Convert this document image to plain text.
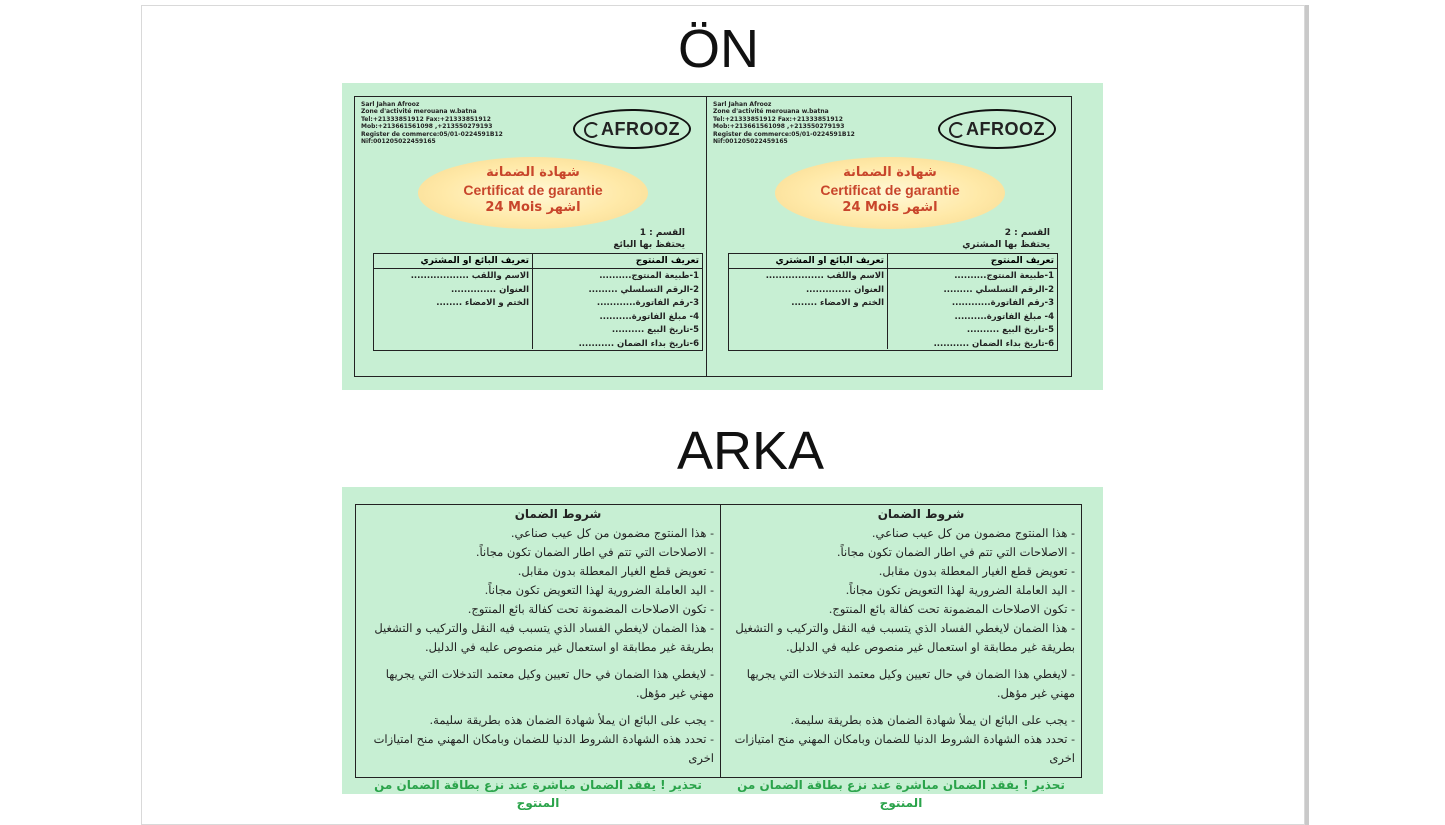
ÖN
Sarl Jahan Afrooz
Zone d'activité merouana w.batna
Tel:+21333851912 Fax:+21333851912
Mob:+213661561098 ,+213550279193
Register de commerce:05/01-0224591B12
Nif:001205022459165
AFROOZ
شهادة الضمانة
Certificat de garantie
24 Mois اشهر
القسم : 1
يحتفظ بها البائع
تعريف المنتوج
تعريف البائع او المشتري
1-طبيعة المنتوج..........
2-الرقم التسلسلي .........
3-رقم الفاتورة............
4- مبلغ الفاتورة..........
5-تاريخ البيع ..........
6-تاريخ بداء الضمان ...........
الاسم واللقب ..................
العنوان ..............
الختم و الامضاء ........
Sarl Jahan Afrooz
Zone d'activité merouana w.batna
Tel:+21333851912 Fax:+21333851912
Mob:+213661561098 ,+213550279193
Register de commerce:05/01-0224591B12
Nif:001205022459165
AFROOZ
شهادة الضمانة
Certificat de garantie
24 Mois اشهر
القسم : 2
يحتفظ بها المشتري
تعريف المنتوج
تعريف البائع او المشتري
1-طبيعة المنتوج..........
2-الرقم التسلسلي .........
3-رقم الفاتورة............
4- مبلغ الفاتورة..........
5-تاريخ البيع ..........
6-تاريخ بداء الضمان ...........
الاسم واللقب ..................
العنوان ..............
الختم و الامضاء ........
ARKA
شروط الضمان
- هذا المنتوج مضمون من كل عيب صناعي.
- الاصلاحات التي تتم في اطار الضمان تكون مجاناً.
- تعويض قطع الغيار المعطلة بدون مقابل.
- اليد العاملة الضرورية لهذا التعويض تكون مجاناً.
- تكون الاصلاحات المضمونة تحت كفالة بائع المنتوج.
- هذا الضمان لايغطي الفساد الذي يتسبب فيه النقل والتركيب و التشغيل بطريقة غير مطابقة او استعمال غير منصوص عليه في الدليل.
- لايغطي هذا الضمان في حال تعيين وكيل معتمد التدخلات التي يجريها مهني غير مؤهل.
- يجب على البائع ان يملأ شهادة الضمان هذه بطريقة سليمة.
- تحدد هذه الشهادة الشروط الدنيا للضمان وبامكان المهني منح امتيازات اخرى
تحذير ! يفقد الضمان مباشرة عند نزع بطاقة الضمان من المنتوج
شروط الضمان
- هذا المنتوج مضمون من كل عيب صناعي.
- الاصلاحات التي تتم في اطار الضمان تكون مجاناً.
- تعويض قطع الغيار المعطلة بدون مقابل.
- اليد العاملة الضرورية لهذا التعويض تكون مجاناً.
- تكون الاصلاحات المضمونة تحت كفالة بائع المنتوج.
- هذا الضمان لايغطي الفساد الذي يتسبب فيه النقل والتركيب و التشغيل بطريقة غير مطابقة او استعمال غير منصوص عليه في الدليل.
- لايغطي هذا الضمان في حال تعيين وكيل معتمد التدخلات التي يجريها مهني غير مؤهل.
- يجب على البائع ان يملأ شهادة الضمان هذه بطريقة سليمة.
- تحدد هذه الشهادة الشروط الدنيا للضمان وبامكان المهني منح امتيازات اخرى
تحذير ! يفقد الضمان مباشرة عند نزع بطاقة الضمان من المنتوج
